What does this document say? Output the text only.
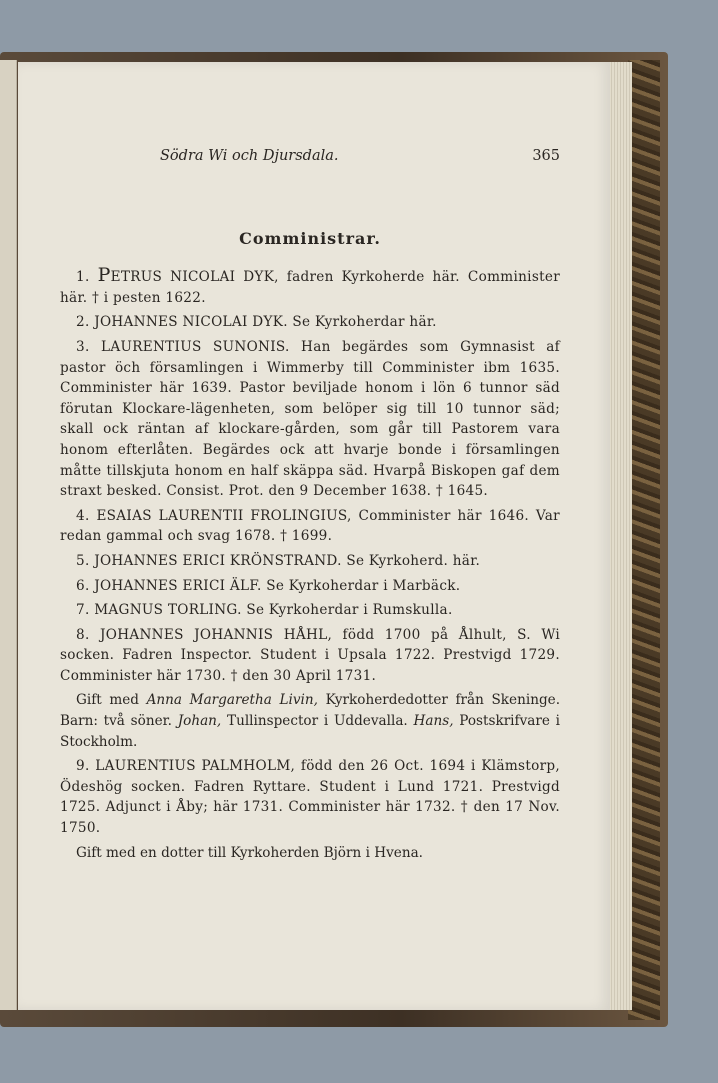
Södra Wi och Djursdala.	365
Comministrar.

1. PETRUS NICOLAI DYK, fadren Kyrkoherde här. Comminister här. † i pesten 1622.

2. JOHANNES NICOLAI DYK. Se Kyrkoherdar här.

3. LAURENTIUS SUNONIS. Han begärdes som Gymnasist af pastor öch församlingen i Wimmerby till Comminister ibm 1635. Comminister här 1639. Pastor beviljade honom i lön 6 tunnor säd förutan Klockare-lägenheten, som belöper sig till 10 tunnor säd; skall ock räntan af klockare-gården, som går till Pastorem vara honom efterlåten. Begärdes ock att hvarje bonde i församlingen måtte tillskjuta honom en half skäppa säd. Hvarpå Biskopen gaf dem straxt besked. Consist. Prot. den 9 December 1638. † 1645.

4. ESAIAS LAURENTII FROLINGIUS, Comminister här 1646. Var redan gammal och svag 1678. † 1699.

5. JOHANNES ERICI KRÖNSTRAND. Se Kyrkoherd. här.

6. JOHANNES ERICI ÄLF. Se Kyrkoherdar i Marbäck.

7. MAGNUS TORLING. Se Kyrkoherdar i Rumskulla.

8. JOHANNES JOHANNIS HÅHL, född 1700 på Ålhult, S. Wi socken. Fadren Inspector. Student i Upsala 1722. Prestvigd 1729. Comminister här 1730. † den 30 April 1731.

Gift med Anna Margaretha Livin, Kyrkoherdedotter från Skeninge. Barn: två söner. Johan, Tullinspector i Uddevalla. Hans, Postskrifvare i Stockholm.

9. LAURENTIUS PALMHOLM, född den 26 Oct. 1694 i Klämstorp, Ödeshög socken. Fadren Ryttare. Student i Lund 1721. Prestvigd 1725. Adjunct i Åby; här 1731. Comminister här 1732. † den 17 Nov. 1750.

Gift med en dotter till Kyrkoherden Björn i Hvena.
